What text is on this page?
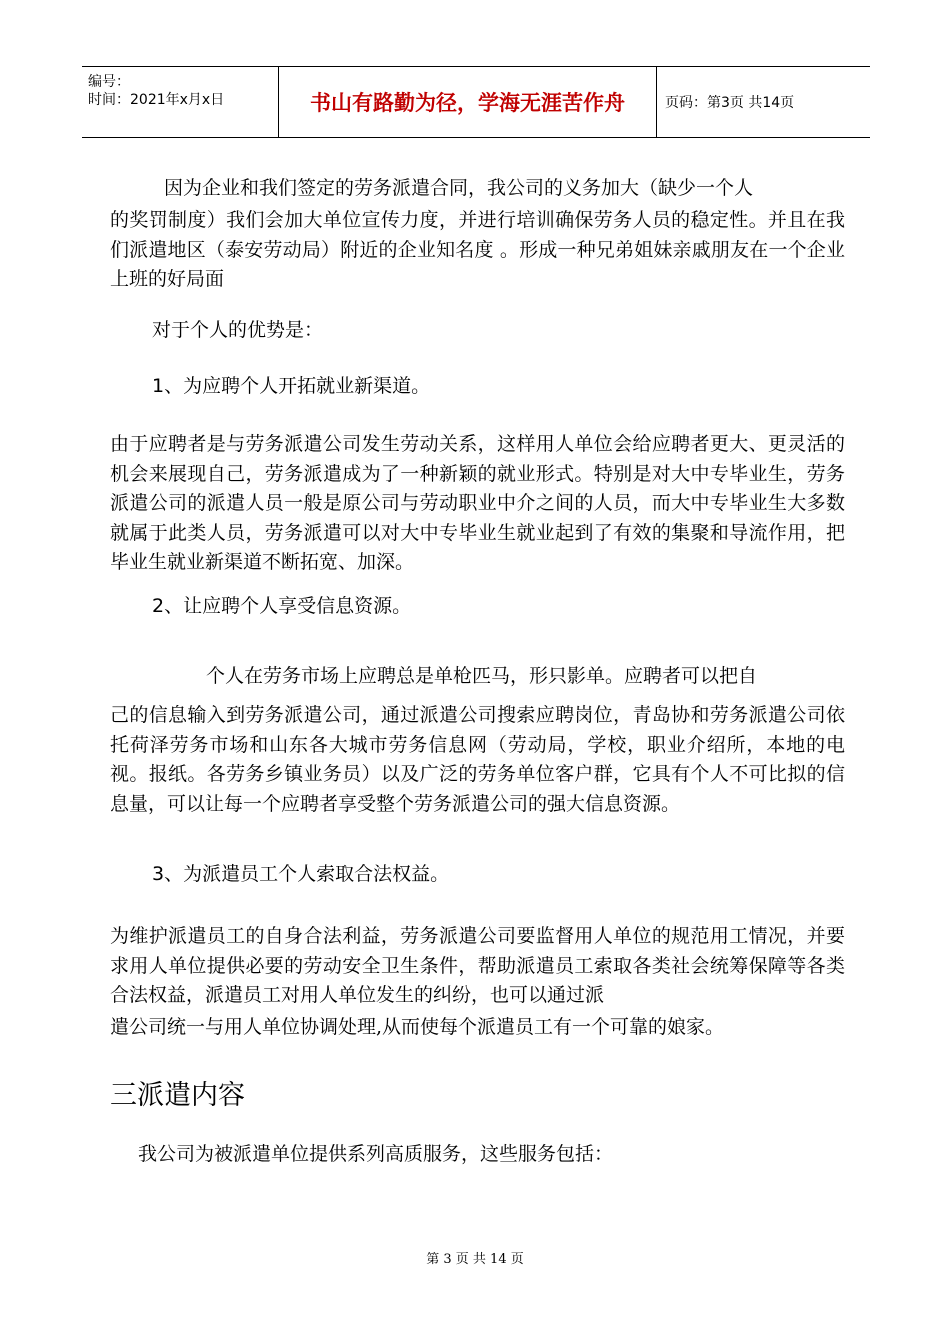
编号：
时间：2021年x月x日	书山有路勤为径，学海无涯苦作舟	页码：第3页 共14页

因为企业和我们签定的劳务派遣合同，我公司的义务加大（缺少一个人

的奖罚制度）我们会加大单位宣传力度，并进行培训确保劳务人员的稳定性。并且在我们派遣地区（泰安劳动局）附近的企业知名度 。形成一种兄弟姐妹亲戚朋友在一个企业上班的好局面

对于个人的优势是：

1、为应聘个人开拓就业新渠道。

由于应聘者是与劳务派遣公司发生劳动关系，这样用人单位会给应聘者更大、更灵活的机会来展现自己，劳务派遣成为了一种新颖的就业形式。特别是对大中专毕业生，劳务派遣公司的派遣人员一般是原公司与劳动职业中介之间的人员，而大中专毕业生大多数就属于此类人员，劳务派遣可以对大中专毕业生就业起到了有效的集聚和导流作用，把毕业生就业新渠道不断拓宽、加深。

2、让应聘个人享受信息资源。

个人在劳务市场上应聘总是单枪匹马，形只影单。应聘者可以把自

己的信息输入到劳务派遣公司，通过派遣公司搜索应聘岗位，青岛协和劳务派遣公司依托荷泽劳务市场和山东各大城市劳务信息网（劳动局，学校，职业介绍所，本地的电视。报纸。各劳务乡镇业务员）以及广泛的劳务单位客户群，它具有个人不可比拟的信息量，可以让每一个应聘者享受整个劳务派遣公司的强大信息资源。

3、为派遣员工个人索取合法权益。

为维护派遣员工的自身合法利益，劳务派遣公司要监督用人单位的规范用工情况，并要求用人单位提供必要的劳动安全卫生条件，帮助派遣员工索取各类社会统筹保障等各类合法权益，派遣员工对用人单位发生的纠纷，也可以通过派

遣公司统一与用人单位协调处理,从而使每个派遣员工有一个可靠的娘家。

三派遣内容

我公司为被派遣单位提供系列高质服务，这些服务包括：

第 3 页 共 14 页
